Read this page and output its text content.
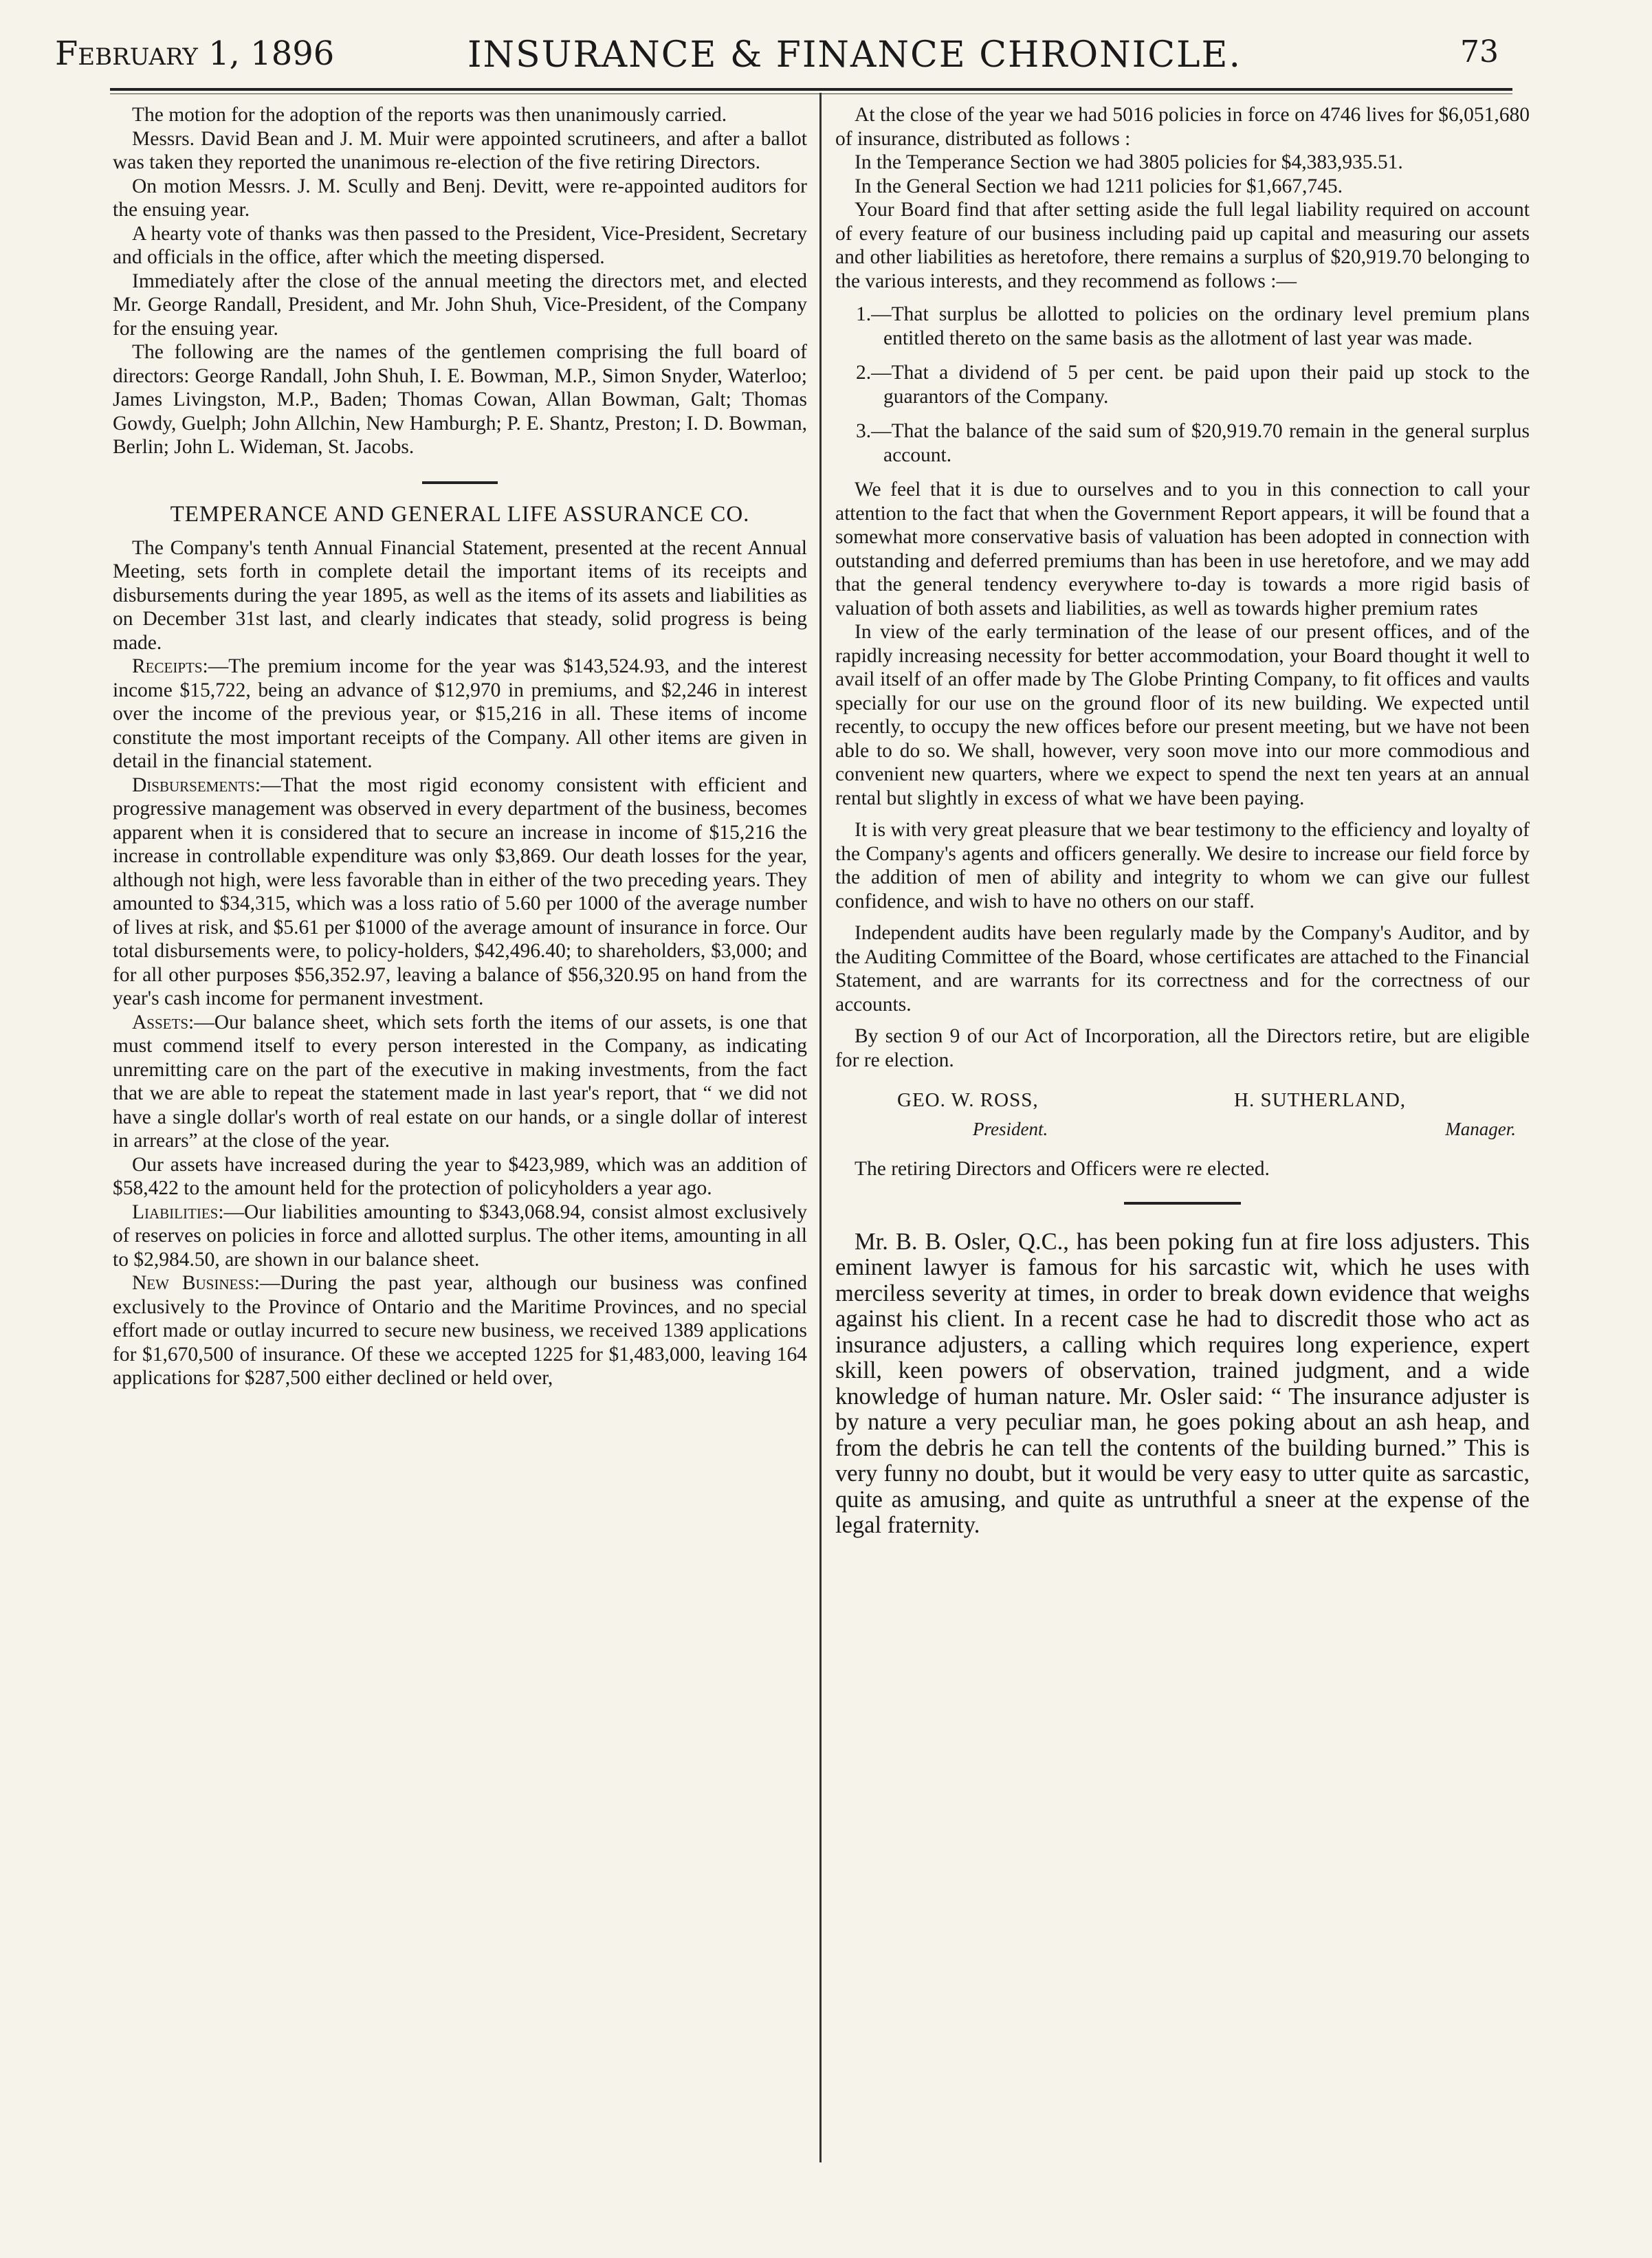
February 1, 1896	INSURANCE & FINANCE CHRONICLE.	73

The motion for the adoption of the reports was then unanimously carried.

Messrs. David Bean and J. M. Muir were appointed scrutineers, and after a ballot was taken they reported the unanimous re-election of the five retiring Directors.

On motion Messrs. J. M. Scully and Benj. Devitt, were re-appointed auditors for the ensuing year.

A hearty vote of thanks was then passed to the President, Vice-President, Secretary and officials in the office, after which the meeting dispersed.

Immediately after the close of the annual meeting the directors met, and elected Mr. George Randall, President, and Mr. John Shuh, Vice-President, of the Company for the ensuing year.

The following are the names of the gentlemen comprising the full board of directors: George Randall, John Shuh, I. E. Bowman, M.P., Simon Snyder, Waterloo; James Livingston, M.P., Baden; Thomas Cowan, Allan Bowman, Galt; Thomas Gowdy, Guelph; John Allchin, New Hamburgh; P. E. Shantz, Preston; I. D. Bowman, Berlin; John L. Wideman, St. Jacobs.

TEMPERANCE AND GENERAL LIFE ASSURANCE CO.

The Company's tenth Annual Financial Statement, presented at the recent Annual Meeting, sets forth in complete detail the important items of its receipts and disbursements during the year 1895, as well as the items of its assets and liabilities as on December 31st last, and clearly indicates that steady, solid progress is being made.

Receipts:—The premium income for the year was $143,524.93, and the interest income $15,722, being an advance of $12,970 in premiums, and $2,246 in interest over the income of the previous year, or $15,216 in all. These items of income constitute the most important receipts of the Company. All other items are given in detail in the financial statement.

Disbursements:—That the most rigid economy consistent with efficient and progressive management was observed in every department of the business, becomes apparent when it is considered that to secure an increase in income of $15,216 the increase in controllable expenditure was only $3,869. Our death losses for the year, although not high, were less favorable than in either of the two preceding years. They amounted to $34,315, which was a loss ratio of 5.60 per 1000 of the average number of lives at risk, and $5.61 per $1000 of the average amount of insurance in force. Our total disbursements were, to policy-holders, $42,496.40; to shareholders, $3,000; and for all other purposes $56,352.97, leaving a balance of $56,320.95 on hand from the year's cash income for permanent investment.

Assets:—Our balance sheet, which sets forth the items of our assets, is one that must commend itself to every person interested in the Company, as indicating unremitting care on the part of the executive in making investments, from the fact that we are able to repeat the statement made in last year's report, that “ we did not have a single dollar's worth of real estate on our hands, or a single dollar of interest in arrears” at the close of the year.

Our assets have increased during the year to $423,989, which was an addition of $58,422 to the amount held for the protection of policyholders a year ago.

Liabilities:—Our liabilities amounting to $343,068.94, consist almost exclusively of reserves on policies in force and allotted surplus. The other items, amounting in all to $2,984.50, are shown in our balance sheet.

New Business:—During the past year, although our business was confined exclusively to the Province of Ontario and the Maritime Provinces, and no special effort made or outlay incurred to secure new business, we received 1389 applications for $1,670,500 of insurance. Of these we accepted 1225 for $1,483,000, leaving 164 applications for $287,500 either declined or held over,

At the close of the year we had 5016 policies in force on 4746 lives for $6,051,680 of insurance, distributed as follows :

In the Temperance Section we had 3805 policies for $4,383,935.51.

In the General Section we had 1211 policies for $1,667,745.

Your Board find that after setting aside the full legal liability required on account of every feature of our business including paid up capital and measuring our assets and other liabilities as heretofore, there remains a surplus of $20,919.70 belonging to the various interests, and they recommend as follows :—

1.—That surplus be allotted to policies on the ordinary level premium plans entitled thereto on the same basis as the allotment of last year was made.
2.—That a dividend of 5 per cent. be paid upon their paid up stock to the guarantors of the Company.
3.—That the balance of the said sum of $20,919.70 remain in the general surplus account.

We feel that it is due to ourselves and to you in this connection to call your attention to the fact that when the Government Report appears, it will be found that a somewhat more conservative basis of valuation has been adopted in connection with outstanding and deferred premiums than has been in use heretofore, and we may add that the general tendency everywhere to-day is towards a more rigid basis of valuation of both assets and liabilities, as well as towards higher premium rates

In view of the early termination of the lease of our present offices, and of the rapidly increasing necessity for better accommodation, your Board thought it well to avail itself of an offer made by The Globe Printing Company, to fit offices and vaults specially for our use on the ground floor of its new building. We expected until recently, to occupy the new offices before our present meeting, but we have not been able to do so. We shall, however, very soon move into our more commodious and convenient new quarters, where we expect to spend the next ten years at an annual rental but slightly in excess of what we have been paying.

It is with very great pleasure that we bear testimony to the efficiency and loyalty of the Company's agents and officers generally. We desire to increase our field force by the addition of men of ability and integrity to whom we can give our fullest confidence, and wish to have no others on our staff.

Independent audits have been regularly made by the Company's Auditor, and by the Auditing Committee of the Board, whose certificates are attached to the Financial Statement, and are warrants for its correctness and for the correctness of our accounts.

By section 9 of our Act of Incorporation, all the Directors retire, but are eligible for re election.

GEO. W. ROSS,
President.
H. SUTHERLAND,
Manager.

The retiring Directors and Officers were re elected.

Mr. B. B. Osler, Q.C., has been poking fun at fire loss adjusters. This eminent lawyer is famous for his sarcastic wit, which he uses with merciless severity at times, in order to break down evidence that weighs against his client. In a recent case he had to discredit those who act as insurance adjusters, a calling which requires long experience, expert skill, keen powers of observation, trained judgment, and a wide knowledge of human nature. Mr. Osler said: “ The insurance adjuster is by nature a very peculiar man, he goes poking about an ash heap, and from the debris he can tell the contents of the building burned.” This is very funny no doubt, but it would be very easy to utter quite as sarcastic, quite as amusing, and quite as untruthful a sneer at the expense of the legal fraternity.
